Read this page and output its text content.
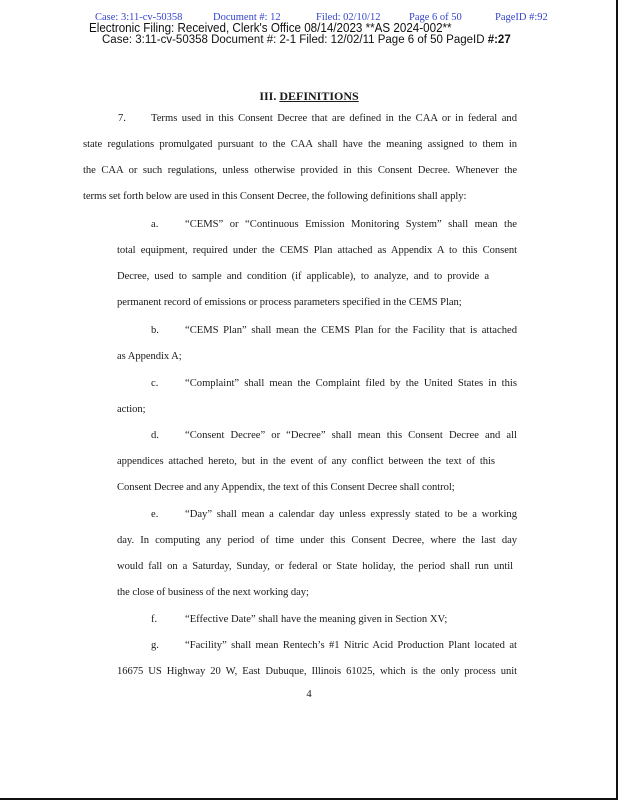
Case: 3:11-cv-50358	Document #: 12	Filed: 02/10/12	Page 6 of 50	PageID #:92
Electronic Filing: Received, Clerk's Office 08/14/2023 **AS 2024-002**
Case: 3:11-cv-50358 Document #: 2-1 Filed: 12/02/11 Page 6 of 50 PageID #:27
III. DEFINITIONS
7. Terms used in this Consent Decree that are defined in the CAA or in federal and
state regulations promulgated pursuant to the CAA shall have the meaning assigned to them in
the CAA or such regulations, unless otherwise provided in this Consent Decree. Whenever the
terms set forth below are used in this Consent Decree, the following definitions shall apply:
a.	“CEMS” or “Continuous Emission Monitoring System” shall mean the
total equipment, required under the CEMS Plan attached as Appendix A to this Consent
Decree, used to sample and condition (if applicable), to analyze, and to provide a
permanent record of emissions or process parameters specified in the CEMS Plan;
b. “CEMS Plan” shall mean the CEMS Plan for the Facility that is attached
as Appendix A;
c.	“Complaint” shall mean the Complaint filed by the United States in this
action;
d. “Consent Decree” or “Decree” shall mean this Consent Decree and all
appendices attached hereto, but in the event of any conflict between the text of this
Consent Decree and any Appendix, the text of this Consent Decree shall control;
e.	“Day” shall mean a calendar day unless expressly stated to be a working
day. In computing any period of time under this Consent Decree, where the last day
would fall on a Saturday, Sunday, or federal or State holiday, the period shall run until
the close of business of the next working day;
f.	“Effective Date” shall have the meaning given in Section XV;
g. “Facility” shall mean Rentech’s #1 Nitric Acid Production Plant located at
16675 US Highway 20 W, East Dubuque, Illinois 61025, which is the only process unit
4
